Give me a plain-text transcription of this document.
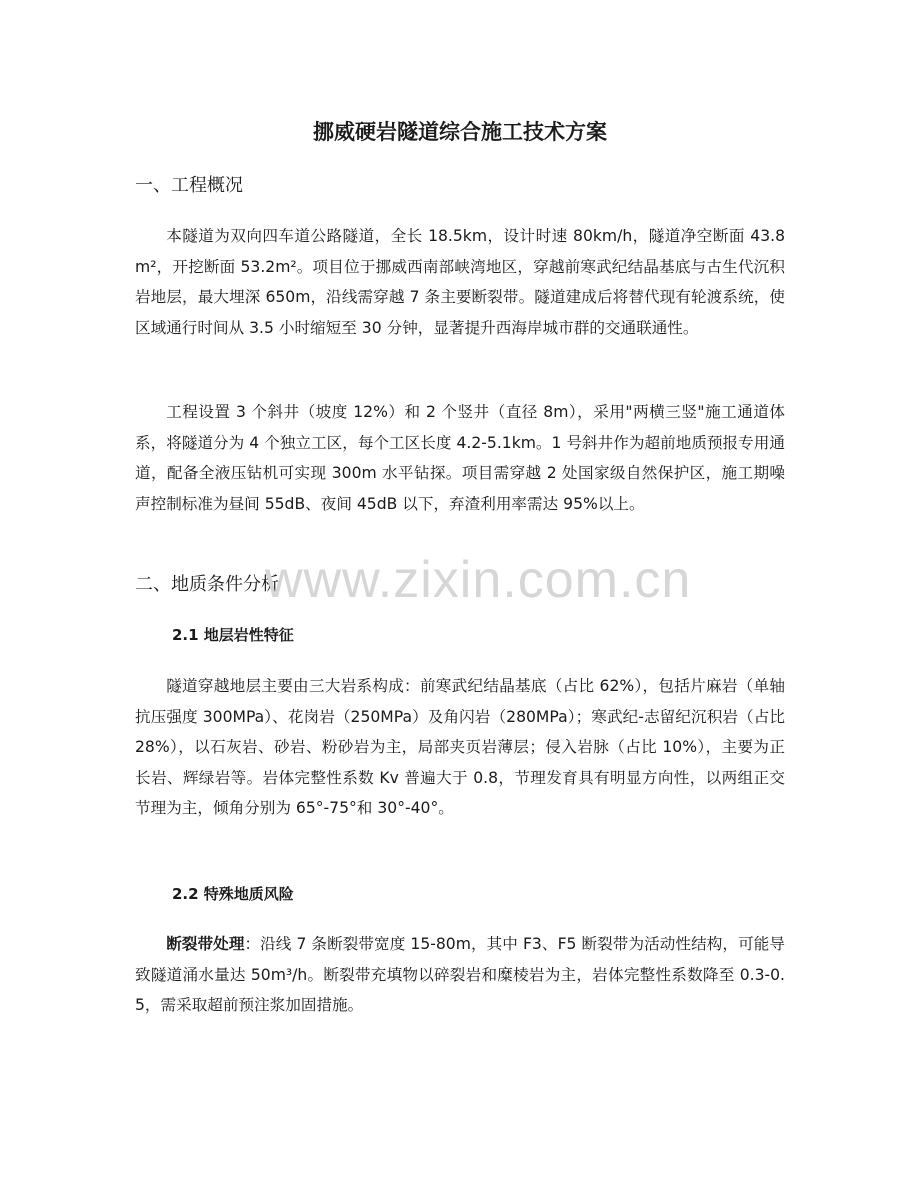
挪威硬岩隧道综合施工技术方案
一、工程概况

本隧道为双向四车道公路隧道，全长 18.5km，设计时速 80km/h，隧道净空断面 43.8m²，开挖断面 53.2m²。项目位于挪威西南部峡湾地区，穿越前寒武纪结晶基底与古生代沉积岩地层，最大埋深 650m，沿线需穿越 7 条主要断裂带。隧道建成后将替代现有轮渡系统，使区域通行时间从 3.5 小时缩短至 30 分钟，显著提升西海岸城市群的交通联通性。

工程设置 3 个斜井（坡度 12%）和 2 个竖井（直径 8m），采用"两横三竖"施工通道体系，将隧道分为 4 个独立工区，每个工区长度 4.2-5.1km。1 号斜井作为超前地质预报专用通道，配备全液压钻机可实现 300m 水平钻探。项目需穿越 2 处国家级自然保护区，施工期噪声控制标准为昼间 55dB、夜间 45dB 以下，弃渣利用率需达 95%以上。

二、地质条件分析
2.1 地层岩性特征

隧道穿越地层主要由三大岩系构成：前寒武纪结晶基底（占比 62%），包括片麻岩（单轴抗压强度 300MPa）、花岗岩（250MPa）及角闪岩（280MPa）；寒武纪-志留纪沉积岩（占比 28%），以石灰岩、砂岩、粉砂岩为主，局部夹页岩薄层；侵入岩脉（占比 10%），主要为正长岩、辉绿岩等。岩体完整性系数 Kv 普遍大于 0.8，节理发育具有明显方向性，以两组正交节理为主，倾角分别为 65°-75°和 30°-40°。

2.2 特殊地质风险

断裂带处理：沿线 7 条断裂带宽度 15-80m，其中 F3、F5 断裂带为活动性结构，可能导致隧道涌水量达 50m³/h。断裂带充填物以碎裂岩和糜棱岩为主，岩体完整性系数降至 0.3-0.5，需采取超前预注浆加固措施。

www.zixin.com.cn
